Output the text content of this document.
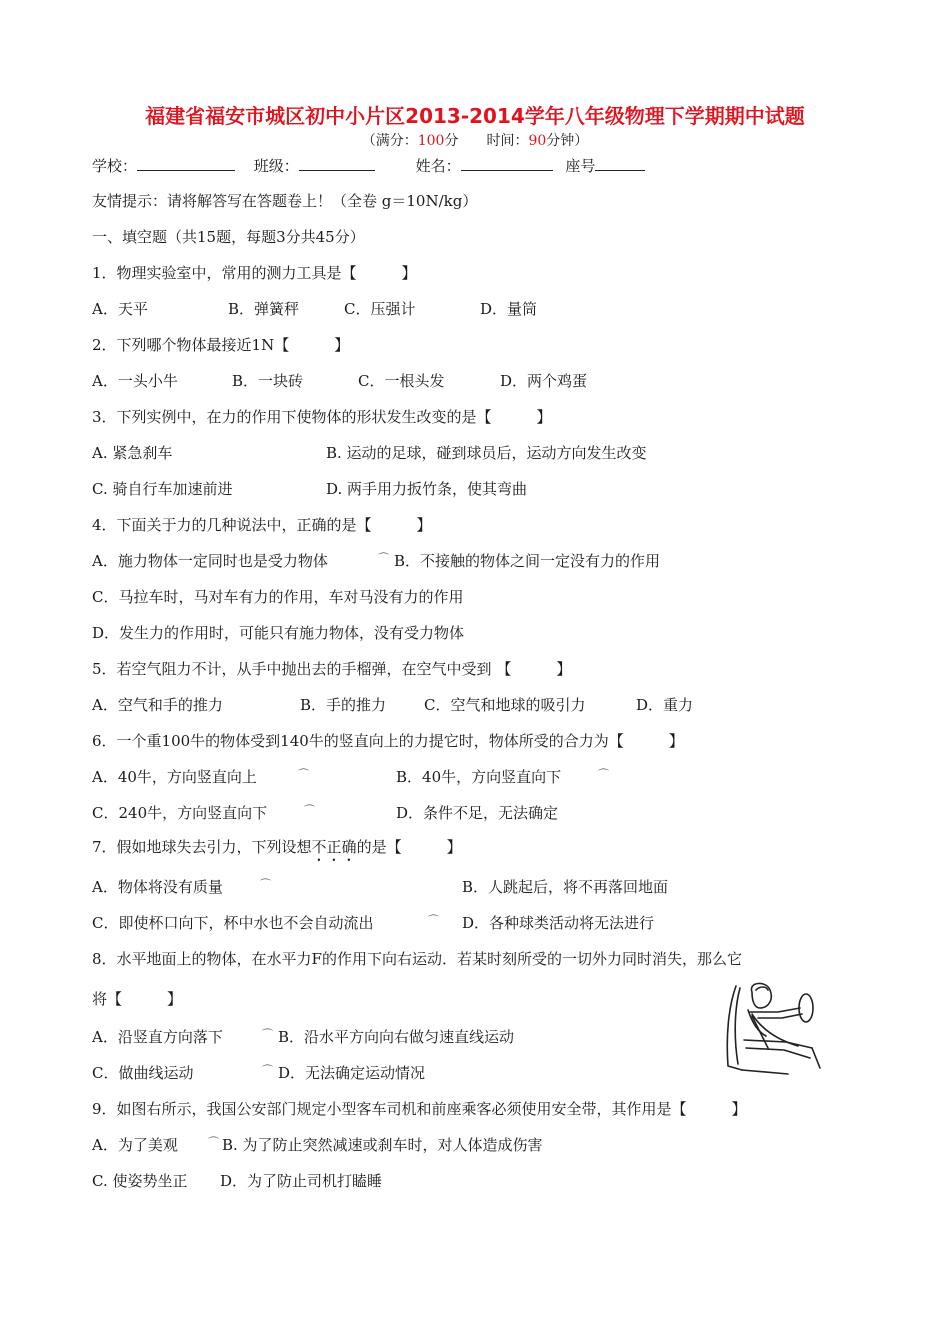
福建省福安市城区初中小片区2013-2014学年八年级物理下学期期中试题
（满分：100分   时间：90分钟）
学校：	班级：	姓名：	座号
友情提示：请将解答写在答题卷上！（全卷 g＝10N/kg）
一、填空题（共15题，每题3分共45分）
1．物理实验室中，常用的测力工具是【　　　】
A．天平	B．弹簧秤	C．压强计	D．量筒
2．下列哪个物体最接近1N【　　　】
A．一头小牛	B．一块砖	C．一根头发	D．两个鸡蛋
3．下列实例中，在力的作用下使物体的形状发生改变的是【　　　】
A. 紧急刹车	B. 运动的足球，碰到球员后，运动方向发生改变
C. 骑自行车加速前进	D. 两手用力扳竹条，使其弯曲
4．下面关于力的几种说法中，正确的是【　　　】
A．施力物体一定同时也是受力物体	⌒ B．不接触的物体之间一定没有力的作用
C．马拉车时，马对车有力的作用，车对马没有力的作用
D．发生力的作用时，可能只有施力物体，没有受力物体
5．若空气阻力不计，从手中抛出去的手榴弹，在空气中受到 【　　　】
A．空气和手的推力	B．手的推力	C．空气和地球的吸引力	D．重力
6．一个重100牛的物体受到140牛的竖直向上的力提它时，物体所受的合力为【　　　】
A．40牛，方向竖直向上	⌒	B．40牛，方向竖直向下	⌒
C．240牛，方向竖直向下	⌒	D．条件不足，无法确定
7．假如地球失去引力，下列设想不正确的是【　　　】
A．物体将没有质量	⌒	B．人跳起后，将不再落回地面
C．即使杯口向下，杯中水也不会自动流出	⌒ D．各种球类活动将无法进行
8．水平地面上的物体，在水平力F的作用下向右运动．若某时刻所受的一切外力同时消失，那么它
将【　　　】
A．沿竖直方向落下	⌒ B．沿水平方向向右做匀速直线运动
C．做曲线运动	⌒ D．无法确定运动情况
9．如图右所示，我国公安部门规定小型客车司机和前座乘客必须使用安全带，其作用是【　　　】
A．为了美观	⌒ B. 为了防止突然减速或刹车时，对人体造成伤害
C. 使姿势坐正 D．为了防止司机打瞌睡
